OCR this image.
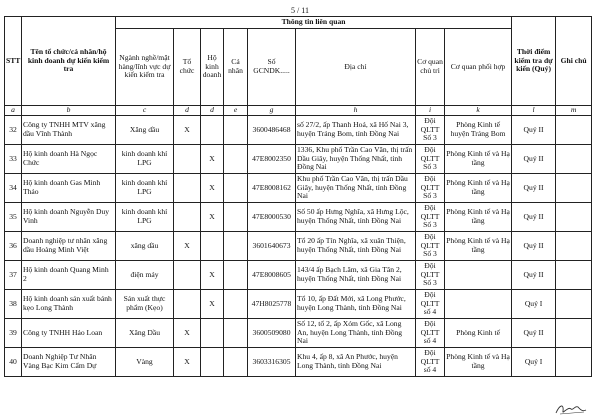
5 / 11
STT	Tên tổ chức/cá nhân/hộ kinh doanh dự kiến kiểm tra	Thông tin liên quan								Thời điểm kiểm tra dự kiến (Quý)	Ghi chú
		Ngành nghề/mặt hàng/lĩnh vực dự kiến kiểm tra	Tổ chức	Hộ kinh doanh	Cá nhân	Số GCNDK.....	Địa chỉ	Cơ quan chủ trì	Cơ quan phối hợp		
a	b	c	d	d	e	g	h	i	k	l	m
32	Công ty TNHH MTV xăng dầu Vĩnh Thành	Xăng dầu	X			3600486468	số 27/2, ấp Thanh Hoá, xã Hố Nai 3, huyện Trảng Bom, tỉnh Đồng Nai	Đội QLTT Số 3	Phòng Kinh tế huyện Trảng Bom	Quý II	
33	Hộ kinh doanh Hà Ngọc Chức	kinh doanh khí LPG		X		47E8002350	1336, Khu phố Trần Cao Văn, thị trấn Dầu Giây, huyện Thống Nhất, tỉnh Đồng Nai	Đội QLTT Số 3	Phòng Kinh tế và Hạ tầng	Quý II	
34	Hộ kinh doanh Gas Minh Thảo	kinh doanh khí LPG		X		47E8008162	Khu phố Trần Cao Văn, thị trấn Dầu Giây, huyện Thống Nhất, tỉnh Đồng Nai	Đội QLTT Số 3	Phòng Kinh tế và Hạ tầng	Quý II	
35	Hộ kinh doanh Nguyễn Duy Vinh	kinh doanh khí LPG		X		47E8000530	Số 50 ấp Hưng Nghĩa, xã Hưng Lộc, huyện Thống Nhất, tỉnh Đồng Nai	Đội QLTT Số 3	Phòng Kinh tế và Hạ tầng	Quý II	
36	Doanh nghiệp tư nhân xăng dầu Hoàng Minh Việt	xăng dầu	X			3601640673	Tổ 20 ấp Tín Nghĩa, xã xuân Thiện, huyện Thống Nhất, tỉnh Đồng Nai	Đội QLTT Số 3	Phòng Kinh tế và Hạ tầng	Quý II	
37	Hộ kinh doanh Quang Minh 2	điện máy		X		47E8008605	143/4 ấp Bạch Lâm, xã Gia Tân 2, huyện Thống Nhất, tỉnh Đồng Nai	Đội QLTT Số 3		Quý II	
38	Hộ kinh doanh sản xuất bánh kẹo Long Thành	Sản xuất thực phẩm (Kẹo)		X		47H8025778	Tổ 10, ấp Đất Mới, xã Long Phước, huyện Long Thành, tỉnh Đồng Nai	Đội QLTT số 4		Quý I	
39	Công ty TNHH Hảo Loan	Xăng Dầu	X			3600509080	Số 12, tổ 2, ấp Xóm Gốc, xã Long An, huyện Long Thành, tỉnh Đồng Nai	Đội QLTT số 4	Phòng Kinh tế	Quý II	
40	Doanh Nghiệp Tư Nhân Vàng Bạc Kim Cẩm Dự	Vàng	X			3603316305	Khu 4, ấp 8, xã An Phước, huyện Long Thành, tỉnh Đồng Nai	Đội QLTT số 4	Phòng Kinh tế và Hạ tầng	Quý I	
